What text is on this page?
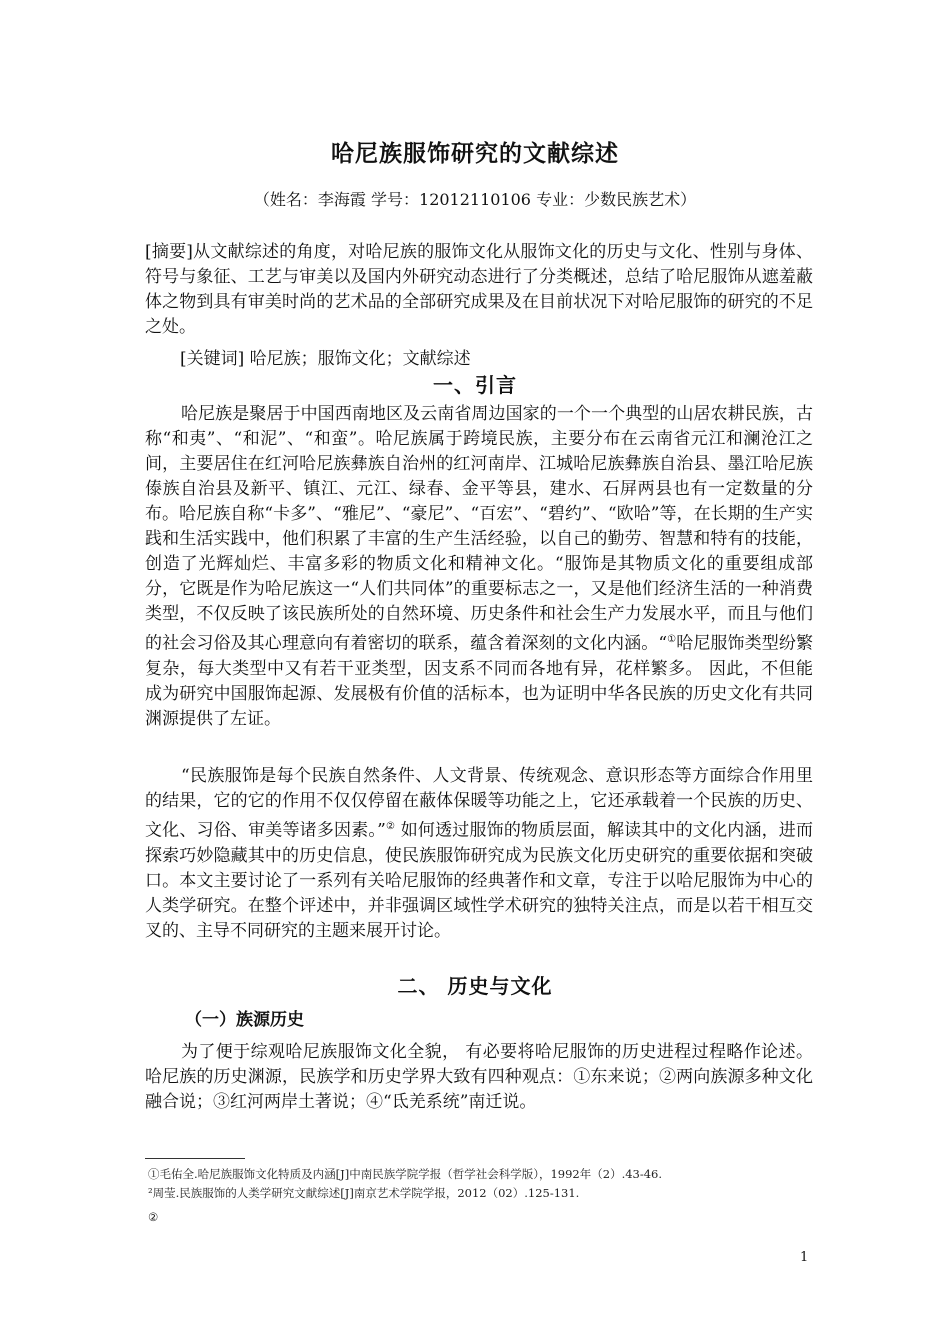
哈尼族服饰研究的文献综述
（姓名：李海霞 学号：12012110106 专业：少数民族艺术）
[摘要]从文献综述的角度，对哈尼族的服饰文化从服饰文化的历史与文化、性别与身体、符号与象征、工艺与审美以及国内外研究动态进行了分类概述，总结了哈尼服饰从遮羞蔽体之物到具有审美时尚的艺术品的全部研究成果及在目前状况下对哈尼服饰的研究的不足之处。
[关键词] 哈尼族；服饰文化；文献综述
一、引言
哈尼族是聚居于中国西南地区及云南省周边国家的一个一个典型的山居农耕民族，古称“和夷”、“和泥”、“和蛮”。哈尼族属于跨境民族，主要分布在云南省元江和澜沧江之间，主要居住在红河哈尼族彝族自治州的红河南岸、江城哈尼族彝族自治县、墨江哈尼族傣族自治县及新平、镇江、元江、绿春、金平等县，建水、石屏两县也有一定数量的分布。哈尼族自称“卡多”、“雅尼”、“豪尼”、“百宏”、“碧约”、“欧哈”等，在长期的生产实践和生活实践中，他们积累了丰富的生产生活经验，以自己的勤劳、智慧和特有的技能，创造了光辉灿烂、丰富多彩的物质文化和精神文化。“服饰是其物质文化的重要组成部分，它既是作为哈尼族这一“人们共同体”的重要标志之一，又是他们经济生活的一种消费类型，不仅反映了该民族所处的自然环境、历史条件和社会生产力发展水平，而且与他们的社会习俗及其心理意向有着密切的联系，蕴含着深刻的文化内涵。“①哈尼服饰类型纷繁复杂，每大类型中又有若干亚类型，因支系不同而各地有异，花样繁多。 因此，不但能成为研究中国服饰起源、发展极有价值的活标本，也为证明中华各民族的历史文化有共同渊源提供了左证。
“民族服饰是每个民族自然条件、人文背景、传统观念、意识形态等方面综合作用里的结果，它的它的作用不仅仅停留在蔽体保暖等功能之上，它还承载着一个民族的历史、文化、习俗、审美等诸多因素。”② 如何透过服饰的物质层面，解读其中的文化内涵，进而探索巧妙隐藏其中的历史信息，使民族服饰研究成为民族文化历史研究的重要依据和突破口。本文主要讨论了一系列有关哈尼服饰的经典著作和文章，专注于以哈尼服饰为中心的人类学研究。在整个评述中，并非强调区域性学术研究的独特关注点，而是以若干相互交叉的、主导不同研究的主题来展开讨论。
二、 历史与文化
（一）族源历史
为了便于综观哈尼族服饰文化全貌， 有必要将哈尼服饰的历史进程过程略作论述。哈尼族的历史渊源，民族学和历史学界大致有四种观点：①东来说；②两向族源多种文化融合说；③红河两岸土著说；④“氐羌系统”南迁说。
①毛佑全.哈尼族服饰文化特质及内涵[J]中南民族学院学报（哲学社会科学版），1992年（2）.43-46.
²周莹.民族服饰的人类学研究文献综述[J]南京艺术学院学报，2012（02）.125-131.
②
1
